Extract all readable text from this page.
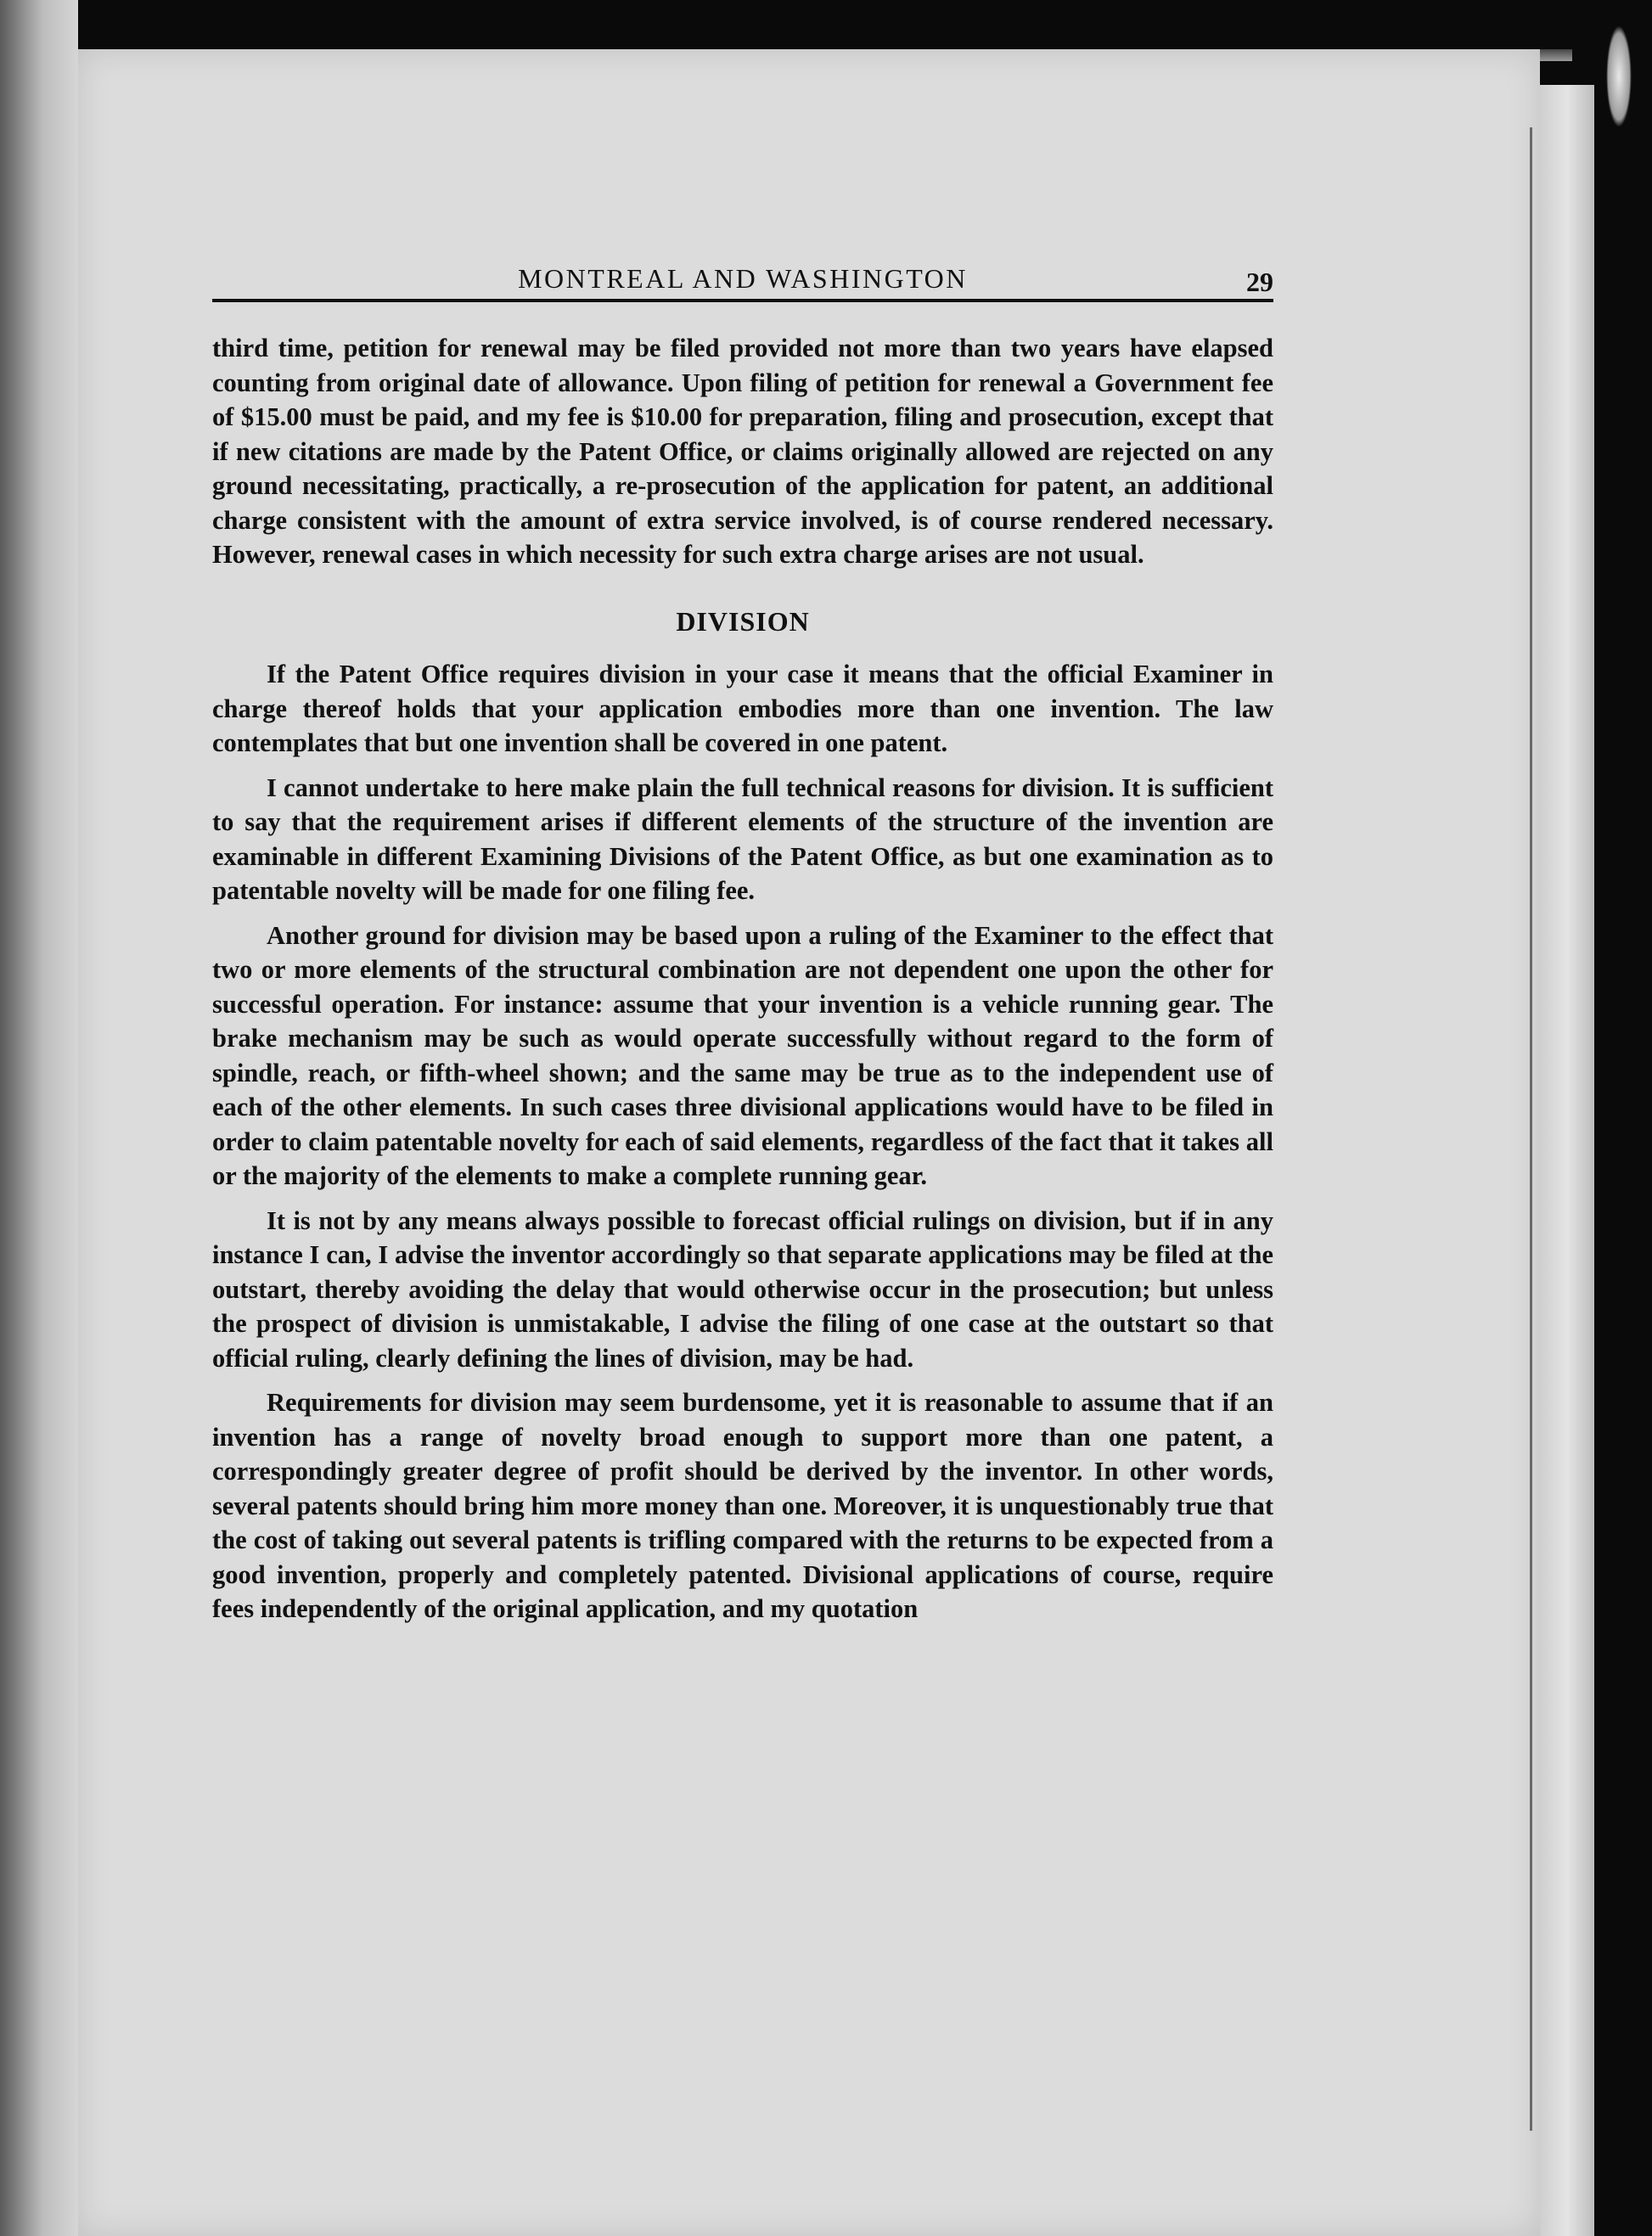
MONTREAL AND WASHINGTON	29

third time, petition for renewal may be filed provided not more than two years have elapsed counting from original date of allowance. Upon filing of petition for renewal a Government fee of $15.00 must be paid, and my fee is $10.00 for preparation, filing and prosecution, except that if new citations are made by the Patent Office, or claims originally allowed are rejected on any ground necessitating, practically, a re-prosecution of the application for patent, an additional charge consistent with the amount of extra service involved, is of course rendered necessary. However, renewal cases in which necessity for such extra charge arises are not usual.

DIVISION

If the Patent Office requires division in your case it means that the official Examiner in charge thereof holds that your application embodies more than one invention. The law contemplates that but one invention shall be covered in one patent.

I cannot undertake to here make plain the full technical reasons for division. It is sufficient to say that the requirement arises if different elements of the structure of the invention are examinable in different Examining Divisions of the Patent Office, as but one examination as to patentable novelty will be made for one filing fee.

Another ground for division may be based upon a ruling of the Examiner to the effect that two or more elements of the structural combination are not dependent one upon the other for successful operation. For instance: assume that your invention is a vehicle running gear. The brake mechanism may be such as would operate successfully without regard to the form of spindle, reach, or fifth-wheel shown; and the same may be true as to the independent use of each of the other elements. In such cases three divisional applications would have to be filed in order to claim patentable novelty for each of said elements, regardless of the fact that it takes all or the majority of the elements to make a complete running gear.

It is not by any means always possible to forecast official rulings on division, but if in any instance I can, I advise the inventor accordingly so that separate applications may be filed at the outstart, thereby avoiding the delay that would otherwise occur in the prosecution; but unless the prospect of division is unmistakable, I advise the filing of one case at the outstart so that official ruling, clearly defining the lines of division, may be had.

Requirements for division may seem burdensome, yet it is reasonable to assume that if an invention has a range of novelty broad enough to support more than one patent, a correspondingly greater degree of profit should be derived by the inventor. In other words, several patents should bring him more money than one. Moreover, it is unquestionably true that the cost of taking out several patents is trifling compared with the returns to be expected from a good invention, properly and completely patented. Divisional applications of course, require fees independently of the original application, and my quotation
